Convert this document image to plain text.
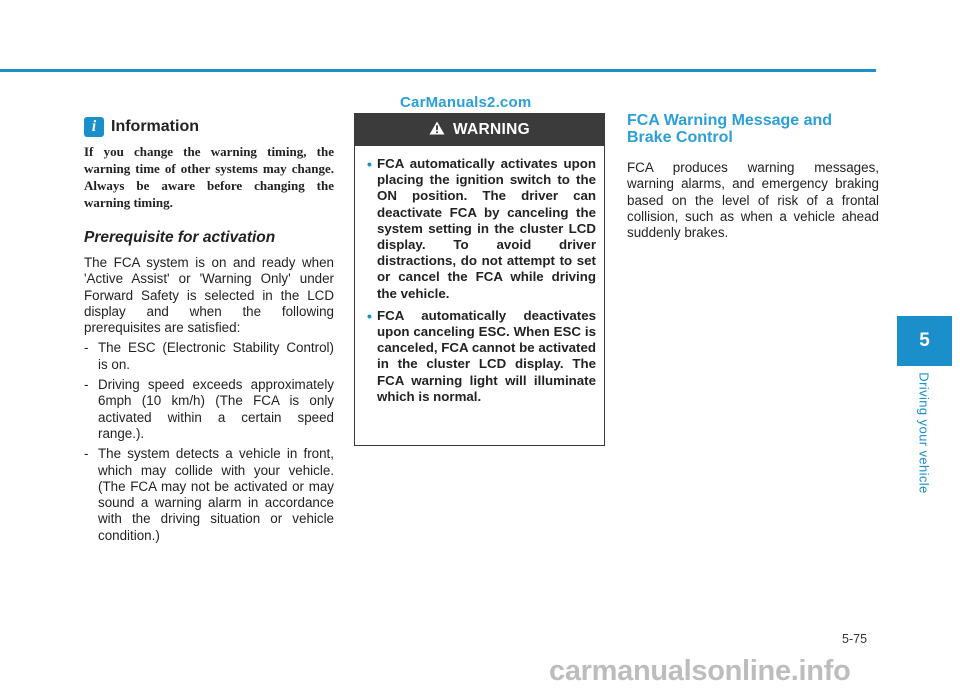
CarManuals2.com
i Information
If you change the warning timing, the warning time of other systems may change. Always be aware before changing the warning timing.
Prerequisite for activation
The FCA system is on and ready when 'Active Assist' or 'Warning Only' under Forward Safety is selected in the LCD display and when the following prerequisites are satisfied:
- The ESC (Electronic Stability Control) is on.
- Driving speed exceeds approximately 6mph (10 km/h) (The FCA is only activated within a certain speed range.).
- The system detects a vehicle in front, which may collide with your vehicle. (The FCA may not be activated or may sound a warning alarm in accordance with the driving situation or vehicle condition.)
WARNING
• FCA automatically activates upon placing the ignition switch to the ON position. The driver can deactivate FCA by canceling the system setting in the cluster LCD display. To avoid driver distractions, do not attempt to set or cancel the FCA while driving the vehicle.
• FCA automatically deactivates upon canceling ESC. When ESC is canceled, FCA cannot be activated in the cluster LCD display. The FCA warning light will illuminate which is normal.
FCA Warning Message and
Brake Control
FCA produces warning messages, warning alarms, and emergency braking based on the level of risk of a frontal collision, such as when a vehicle ahead suddenly brakes.
5
Driving your vehicle
5-75
carmanualsonline.info
